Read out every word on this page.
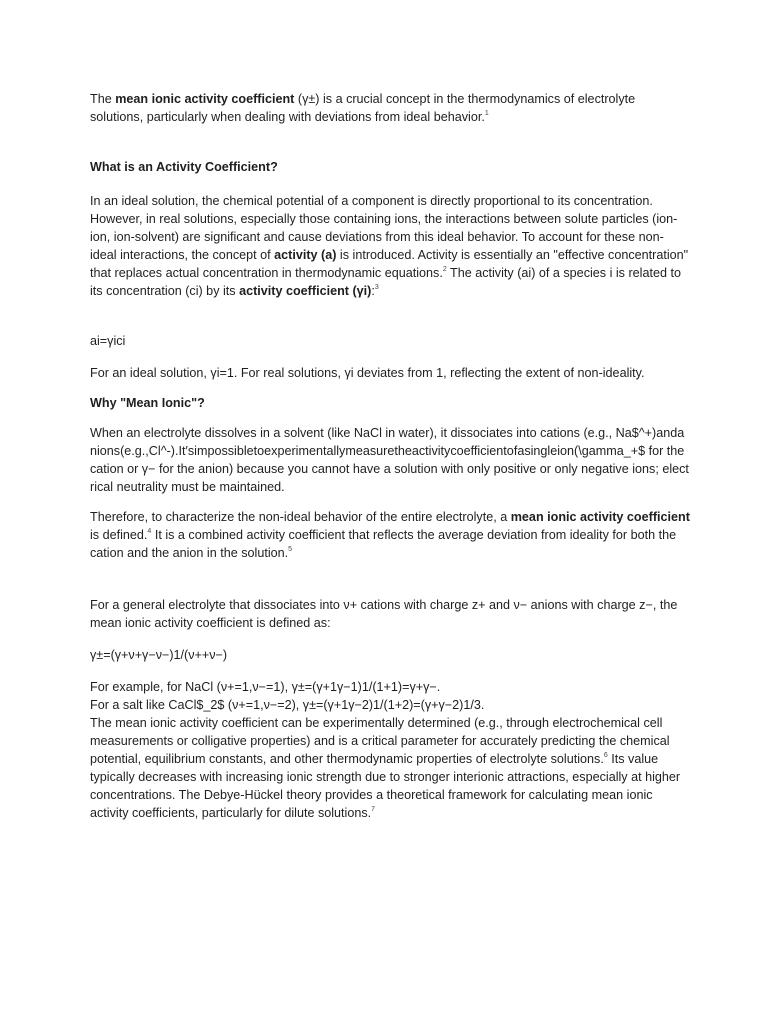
The mean ionic activity coefficient (γ±) is a crucial concept in the thermodynamics of electrolyte solutions, particularly when dealing with deviations from ideal behavior.$^1$

What is an Activity Coefficient?

In an ideal solution, the chemical potential of a component is directly proportional to its concentration. However, in real solutions, especially those containing ions, the interactions between solute particles (ion-ion, ion-solvent) are significant and cause deviations from this ideal behavior. To account for these non-ideal interactions, the concept of activity (a) is introduced. Activity is essentially an "effective concentration" that replaces actual concentration in thermodynamic equations.$^2$ The activity (ai) of a species i is related to its concentration (ci) by its activity coefficient (γi):$^3$

ai=γici

For an ideal solution, γi=1. For real solutions, γi deviates from 1, reflecting the extent of non-ideality.

Why "Mean Ionic"?

When an electrolyte dissolves in a solvent (like NaCl in water), it dissociates into cations (e.g., Na$^+)andanions(e.g.,Cl^-).It′simpossibletoexperimentallymeasuretheactivitycoefficientofasingleion(\gamma_+$ for the cation or γ− for the anion) because you cannot have a solution with only positive or only negative ions; electrical neutrality must be maintained.

Therefore, to characterize the non-ideal behavior of the entire electrolyte, a mean ionic activity coefficient is defined.$^4$ It is a combined activity coefficient that reflects the average deviation from ideality for both the cation and the anion in the solution.$^5$

For a general electrolyte that dissociates into ν+ cations with charge z+ and ν− anions with charge z−, the mean ionic activity coefficient is defined as:

γ±=(γ+ν+γ−ν−)1/(ν++ν−)

For example, for NaCl (ν+=1,ν−=1), γ±=(γ+1γ−1)1/(1+1)=γ+γ−.

For a salt like CaCl$_2$ (ν+=1,ν−=2), γ±=(γ+1γ−2)1/(1+2)=(γ+γ−2)1/3.

The mean ionic activity coefficient can be experimentally determined (e.g., through electrochemical cell measurements or colligative properties) and is a critical parameter for accurately predicting the chemical potential, equilibrium constants, and other thermodynamic properties of electrolyte solutions.$^6$ Its value typically decreases with increasing ionic strength due to stronger interionic attractions, especially at higher concentrations. The Debye-Hückel theory provides a theoretical framework for calculating mean ionic activity coefficients, particularly for dilute solutions.$^7$
